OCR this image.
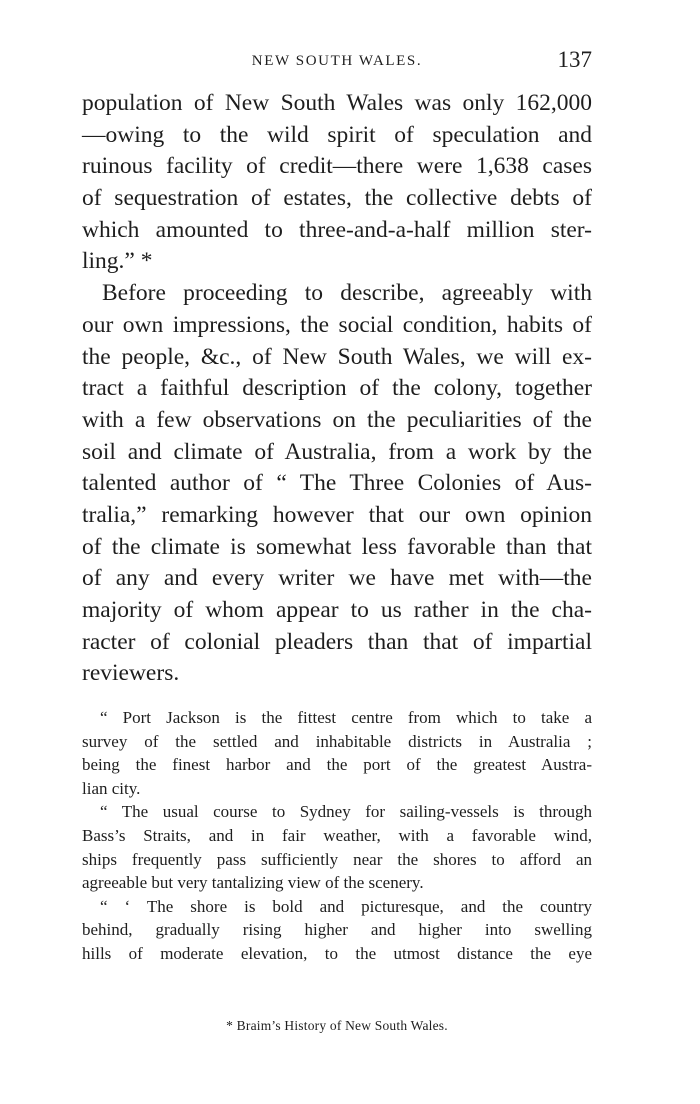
NEW SOUTH WALES.	137
population of New South Wales was only 162,000
—owing to the wild spirit of speculation and
ruinous facility of credit—there were 1,638 cases
of sequestration of estates, the collective debts of
which amounted to three-and-a-half million ster-
ling.” *
Before proceeding to describe, agreeably with
our own impressions, the social condition, habits of
the people, &c., of New South Wales, we will ex-
tract a faithful description of the colony, together
with a few observations on the peculiarities of the
soil and climate of Australia, from a work by the
talented author of “ The Three Colonies of Aus-
tralia,” remarking however that our own opinion
of the climate is somewhat less favorable than that
of any and every writer we have met with—the
majority of whom appear to us rather in the cha-
racter of colonial pleaders than that of impartial
reviewers.
“ Port Jackson is the fittest centre from which to take a
survey of the settled and inhabitable districts in Australia ;
being the finest harbor and the port of the greatest Austra-
lian city.
“ The usual course to Sydney for sailing-vessels is through
Bass’s Straits, and in fair weather, with a favorable wind,
ships frequently pass sufficiently near the shores to afford an
agreeable but very tantalizing view of the scenery.
“ ‘ The shore is bold and picturesque, and the country
behind, gradually rising higher and higher into swelling
hills of moderate elevation, to the utmost distance the eye
* Braim’s History of New South Wales.
